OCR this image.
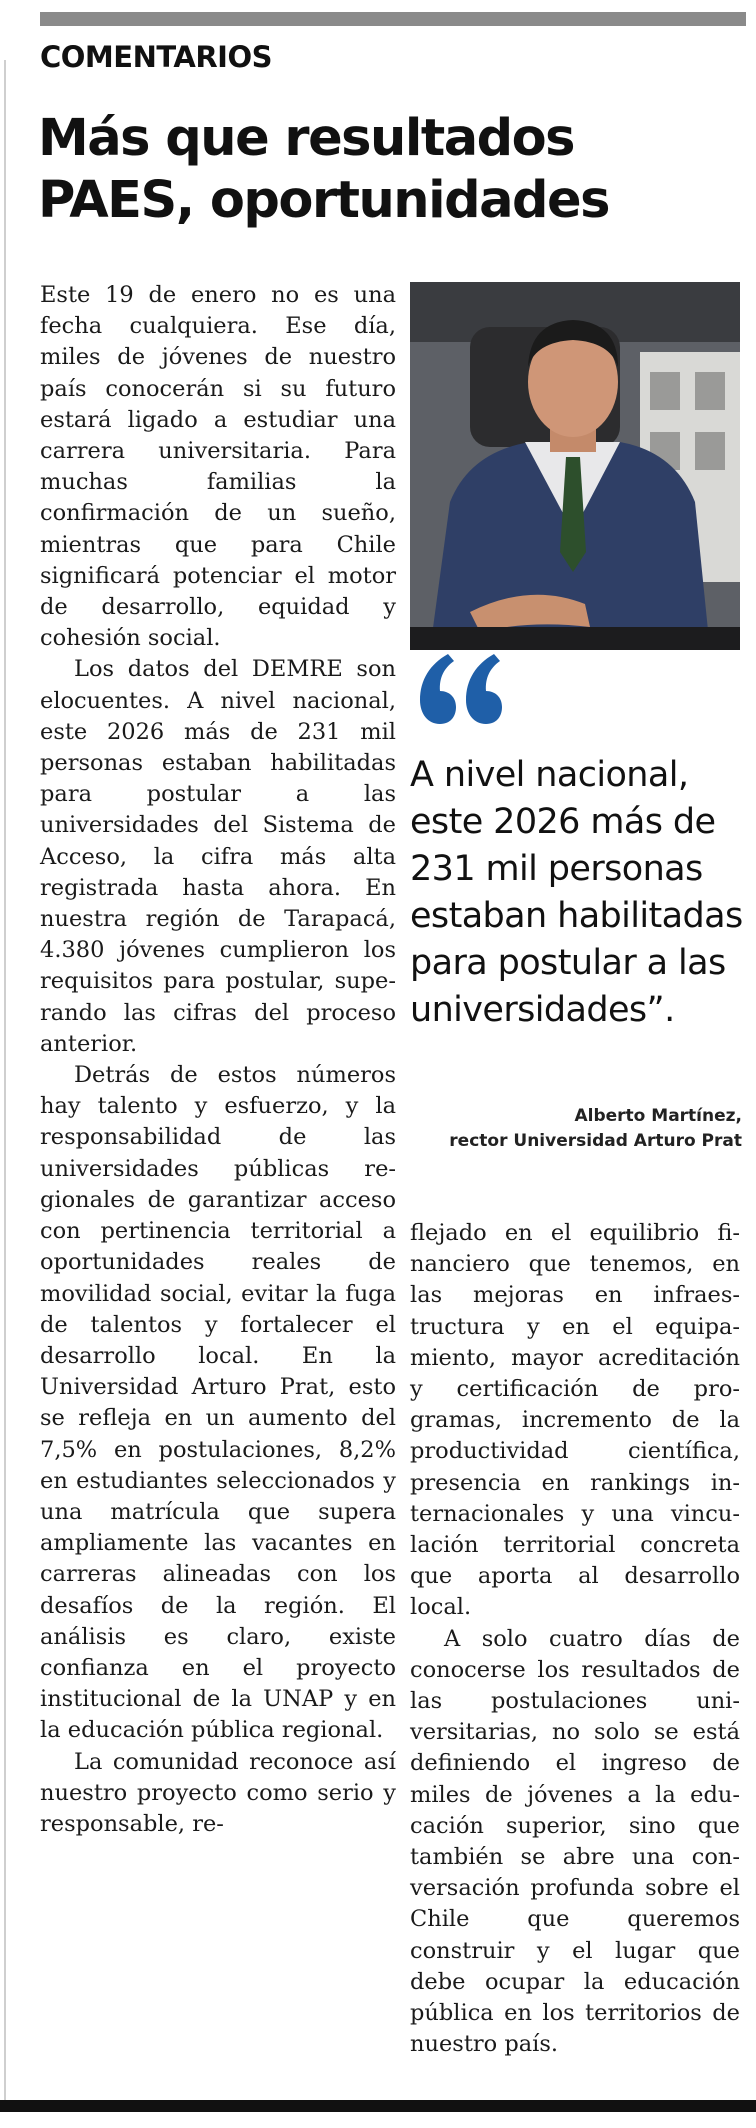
COMENTARIOS
Más que resultados
PAES, oportunidades

Este 19 de enero no es una fecha cualquiera. Ese día, miles de jóvenes de nuestro país conocerán si su futuro estará ligado a estudiar una carrera universitaria. Para muchas familias la confirmación de un sueño, mientras que para Chile significará potenciar el motor de desarrollo, equidad y cohesión social.

Los datos del DEMRE son elocuentes. A nivel nacional, este 2026 más de 231 mil personas estaban habilitadas para postular a las universidades del Sistema de Acceso, la cifra más alta registrada hasta ahora. En nuestra región de Tarapacá, 4.380 jóvenes cumplieron los requisitos para postular, superando las cifras del proceso anterior.

Detrás de estos números hay talento y esfuerzo, y la responsabilidad de las universidades públicas regionales de garantizar acceso con pertinencia territorial a oportunidades reales de movilidad social, evitar la fuga de talentos y fortalecer el desarrollo local. En la Universidad Arturo Prat, esto se refleja en un aumento del 7,5% en postulaciones, 8,2% en estudiantes seleccionados y una matrícula que supera ampliamente las vacantes en carreras alineadas con los desafíos de la región. El análisis es claro, existe confianza en el proyecto institucional de la UNAP y en la educación pública regional.

La comunidad reconoce así nuestro proyecto como serio y responsable, re-

A nivel nacional, este 2026 más de 231 mil personas estaban habilitadas para postular a las universidades”.
Alberto Martínez,
rector Universidad Arturo Prat

flejado en el equilibrio financiero que tenemos, en las mejoras en infraestructura y en el equipamiento, mayor acreditación y certificación de programas, incremento de la productividad científica, presencia en rankings internacionales y una vinculación territorial concreta que aporta al desarrollo local.

A solo cuatro días de conocerse los resultados de las postulaciones universitarias, no solo se está definiendo el ingreso de miles de jóvenes a la educación superior, sino que también se abre una conversación profunda sobre el Chile que queremos construir y el lugar que debe ocupar la educación pública en los territorios de nuestro país.
